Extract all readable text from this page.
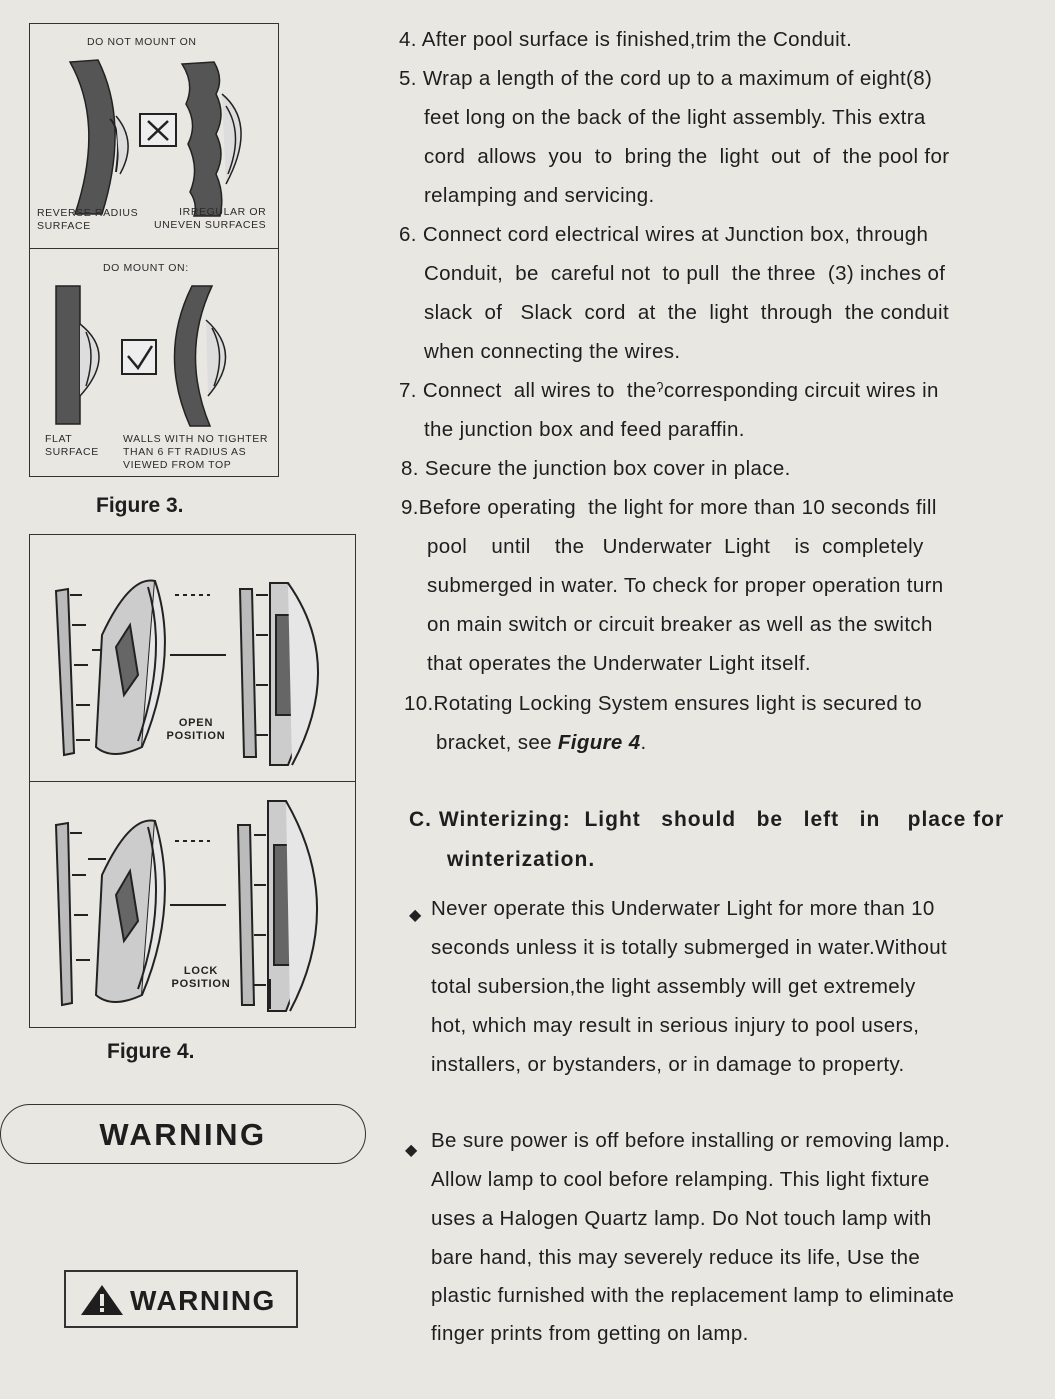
DO NOT MOUNT ON
REVERSE RADIUS
SURFACE
IRREGULAR OR
UNEVEN SURFACES
DO MOUNT ON:
FLAT
SURFACE
WALLS WITH NO TIGHTER
THAN 6 FT RADIUS AS
VIEWED FROM TOP
Figure 3.
OPEN
POSITION
LOCK
POSITION
Figure 4.
WARNING
WARNING
4. After pool surface is finished,trim the Conduit.
5. Wrap a length of the cord up to a maximum of eight(8)
feet long on the back of the light assembly. This extra
cord  allows  you  to  bring the  light  out  of  the pool for
relamping and servicing.
6. Connect cord electrical wires at Junction box, through
Conduit,  be  careful not  to pull  the three  (3) inches of
slack  of   Slack  cord  at  the  light  through  the conduit
when connecting the wires.
7. Connect  all wires to  theˀcorresponding circuit wires in
the junction box and feed paraffin.
8. Secure the junction box cover in place.
9.Before operating  the light for more than 10 seconds fill
pool    until    the   Underwater  Light    is  completely
submerged in water. To check for proper operation turn
on main switch or circuit breaker as well as the switch
that operates the Underwater Light itself.
10.Rotating Locking System ensures light is secured to
bracket, see Figure 4.
C. Winterizing:  Light   should   be   left   in    place for
winterization.
◆ Never operate this Underwater Light for more than 10
seconds unless it is totally submerged in water.Without
total subersion,the light assembly will get extremely
hot, which may result in serious injury to pool users,
installers, or bystanders, or in damage to property.
◆ Be sure power is off before installing or removing lamp.
Allow lamp to cool before relamping. This light fixture
uses a Halogen Quartz lamp. Do Not touch lamp with
bare hand, this may severely reduce its life, Use the
plastic furnished with the replacement lamp to eliminate
finger prints from getting on lamp.
